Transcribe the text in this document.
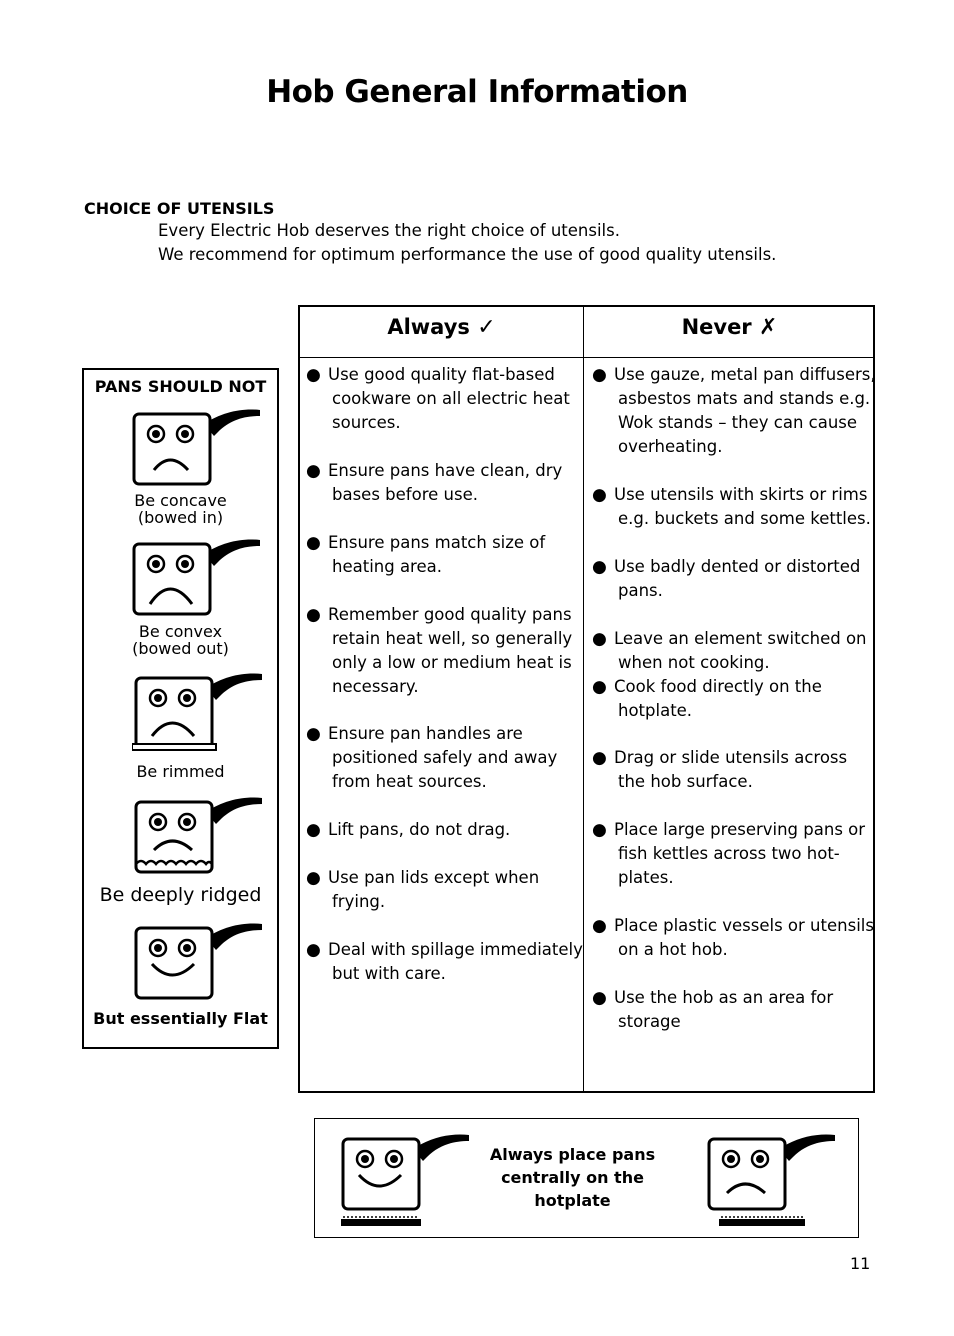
Hob General Information
CHOICE OF UTENSILS
Every Electric Hob deserves the right choice of utensils.
We recommend for optimum performance the use of good quality utensils.
PANS SHOULD NOT
Be concave
(bowed in)
Be convex
(bowed out)
Be rimmed
Be deeply ridged
But essentially Flat
Always ✓	Never ✗
● Use good quality flat-based
cookware on all electric heat
sources.
● Ensure pans have clean, dry
bases before use.
● Ensure pans match size of
heating area.
● Remember good quality pans
retain heat well, so generally
only a low or medium heat is
necessary.
● Ensure pan handles are
positioned safely and away
from heat sources.
● Lift pans, do not drag.
● Use pan lids except when
frying.
● Deal with spillage immediately
but with care.
● Use gauze, metal pan diffusers,
asbestos mats and stands e.g.
Wok stands – they can cause
overheating.
● Use utensils with skirts or rims
e.g. buckets and some kettles.
● Use badly dented or distorted
pans.
● Leave an element switched on
when not cooking.
● Cook food directly on the
hotplate.
● Drag or slide utensils across
the hob surface.
● Place large preserving pans or
fish kettles across two hot-
plates.
● Place plastic vessels or utensils
on a hot hob.
● Use the hob as an area for
storage
Always place pans
centrally on the
hotplate
11
